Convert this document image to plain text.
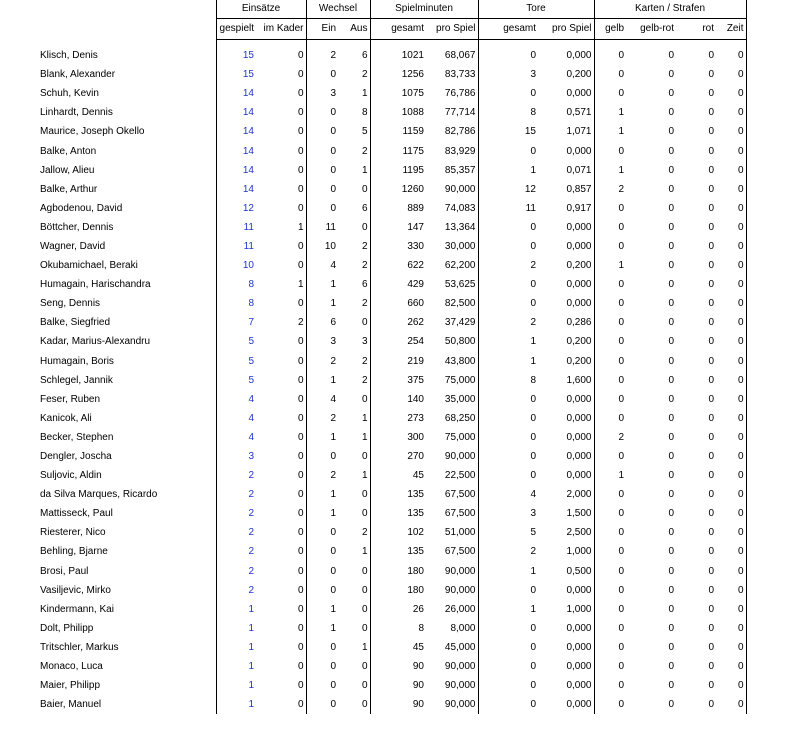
	Einsätze		Wechsel		Spielminuten		Tore		Karten / Strafen			
	gespielt	im Kader	Ein	Aus	gesamt	pro Spiel	gesamt	pro Spiel	gelb	gelb-rot	rot	Zeit

Klisch, Denis	15	0	2	6	1021	68,067	0	0,000	0	0	0	0
Blank, Alexander	15	0	0	2	1256	83,733	3	0,200	0	0	0	0
Schuh, Kevin	14	0	3	1	1075	76,786	0	0,000	0	0	0	0
Linhardt, Dennis	14	0	0	8	1088	77,714	8	0,571	1	0	0	0
Maurice, Joseph Okello	14	0	0	5	1159	82,786	15	1,071	1	0	0	0
Balke, Anton	14	0	0	2	1175	83,929	0	0,000	0	0	0	0
Jallow, Alieu	14	0	0	1	1195	85,357	1	0,071	1	0	0	0
Balke, Arthur	14	0	0	0	1260	90,000	12	0,857	2	0	0	0
Agbodenou, David	12	0	0	6	889	74,083	11	0,917	0	0	0	0
Böttcher, Dennis	11	1	11	0	147	13,364	0	0,000	0	0	0	0
Wagner, David	11	0	10	2	330	30,000	0	0,000	0	0	0	0
Okubamichael, Beraki	10	0	4	2	622	62,200	2	0,200	1	0	0	0
Humagain, Harischandra	8	1	1	6	429	53,625	0	0,000	0	0	0	0
Seng, Dennis	8	0	1	2	660	82,500	0	0,000	0	0	0	0
Balke, Siegfried	7	2	6	0	262	37,429	2	0,286	0	0	0	0
Kadar, Marius-Alexandru	5	0	3	3	254	50,800	1	0,200	0	0	0	0
Humagain, Boris	5	0	2	2	219	43,800	1	0,200	0	0	0	0
Schlegel, Jannik	5	0	1	2	375	75,000	8	1,600	0	0	0	0
Feser, Ruben	4	0	4	0	140	35,000	0	0,000	0	0	0	0
Kanicok, Ali	4	0	2	1	273	68,250	0	0,000	0	0	0	0
Becker, Stephen	4	0	1	1	300	75,000	0	0,000	2	0	0	0
Dengler, Joscha	3	0	0	0	270	90,000	0	0,000	0	0	0	0
Suljovic, Aldin	2	0	2	1	45	22,500	0	0,000	1	0	0	0
da Silva Marques, Ricardo	2	0	1	0	135	67,500	4	2,000	0	0	0	0
Mattisseck, Paul	2	0	1	0	135	67,500	3	1,500	0	0	0	0
Riesterer, Nico	2	0	0	2	102	51,000	5	2,500	0	0	0	0
Behling, Bjarne	2	0	0	1	135	67,500	2	1,000	0	0	0	0
Brosi, Paul	2	0	0	0	180	90,000	1	0,500	0	0	0	0
Vasiljevic, Mirko	2	0	0	0	180	90,000	0	0,000	0	0	0	0
Kindermann, Kai	1	0	1	0	26	26,000	1	1,000	0	0	0	0
Dolt, Philipp	1	0	1	0	8	8,000	0	0,000	0	0	0	0
Tritschler, Markus	1	0	0	1	45	45,000	0	0,000	0	0	0	0
Monaco, Luca	1	0	0	0	90	90,000	0	0,000	0	0	0	0
Maier, Philipp	1	0	0	0	90	90,000	0	0,000	0	0	0	0
Baier, Manuel	1	0	0	0	90	90,000	0	0,000	0	0	0	0
